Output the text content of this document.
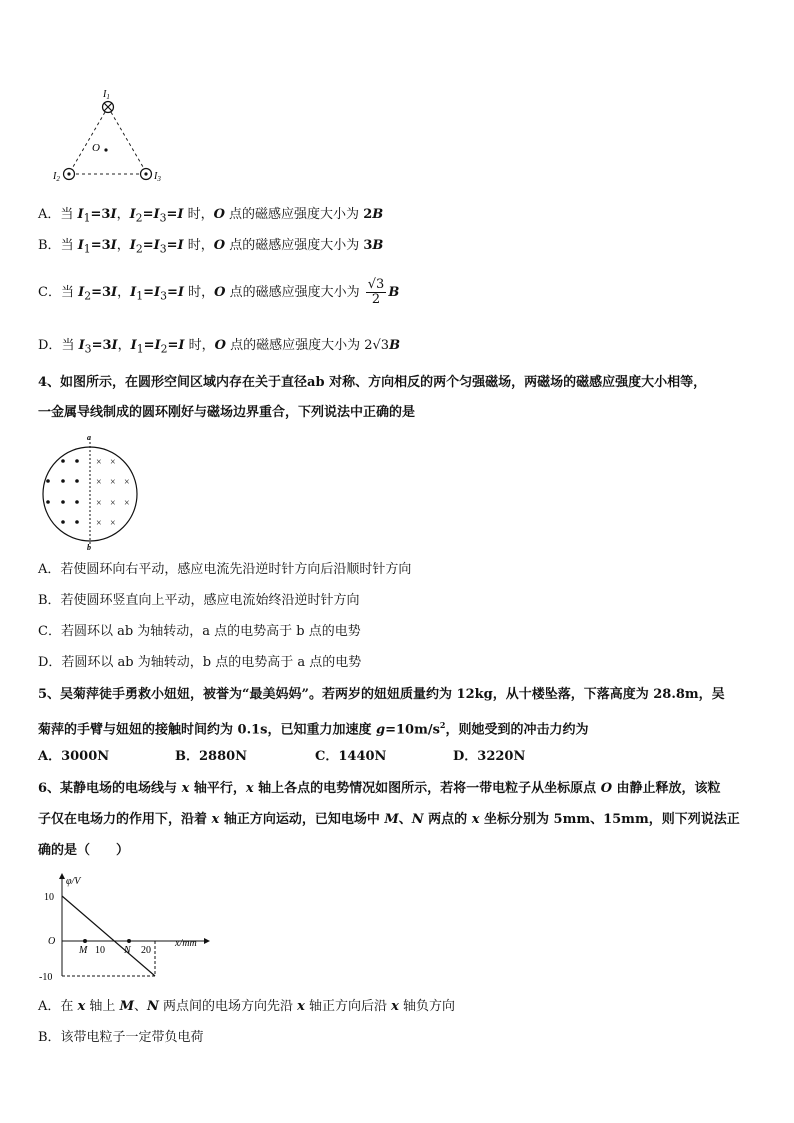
O
$I_1$
$I_2$	$I_3$
A．当 $I_1=3I$，$I_2=I_3=I$ 时，O 点的磁感应强度大小为 2B
B．当 $I_1=3I$，$I_2=I_3=I$ 时，O 点的磁感应强度大小为 3B
C．当 $I_2=3I$，$I_1=I_3=I$ 时，O 点的磁感应强度大小为 $\frac{√3}{2}$ B
D．当 $I_3=3I$，$I_1=I_2=I$ 时，O 点的磁感应强度大小为 2√3B
4、如图所示，在圆形空间区域内存在关于直径ab 对称、方向相反的两个匀强磁场，两磁场的磁感应强度大小相等，
一金属导线制成的圆环刚好与磁场边界重合，下列说法中正确的是
a
b
× ×
× × ×
× × ×
× ×
A．若使圆环向右平动，感应电流先沿逆时针方向后沿顺时针方向
B．若使圆环竖直向上平动，感应电流始终沿逆时针方向
C．若圆环以 ab 为轴转动，a 点的电势高于 b 点的电势
D．若圆环以 ab 为轴转动，b 点的电势高于 a 点的电势
5、吴菊萍徒手勇救小妞妞，被誉为“最美妈妈”。若两岁的妞妞质量约为 12kg，从十楼坠落，下落高度为 28.8m，吴
菊萍的手臂与妞妞的接触时间约为 0.1s，已知重力加速度 $g=10m/s^2$，则她受到的冲击力约为
A．3000N	B．2880N	C．1440N	D．3220N
6、某静电场的电场线与 x 轴平行，x 轴上各点的电势情况如图所示，若将一带电粒子从坐标原点 O 由静止释放，该粒
子仅在电场力的作用下，沿着 x 轴正方向运动，已知电场中 M、N 两点的 x 坐标分别为 5mm、15mm，则下列说法正
确的是（　　）
φ/V
x/mm
10
-10
O
M 10 N 20
A．在 x 轴上 M、N 两点间的电场方向先沿 x 轴正方向后沿 x 轴负方向
B．该带电粒子一定带负电荷
